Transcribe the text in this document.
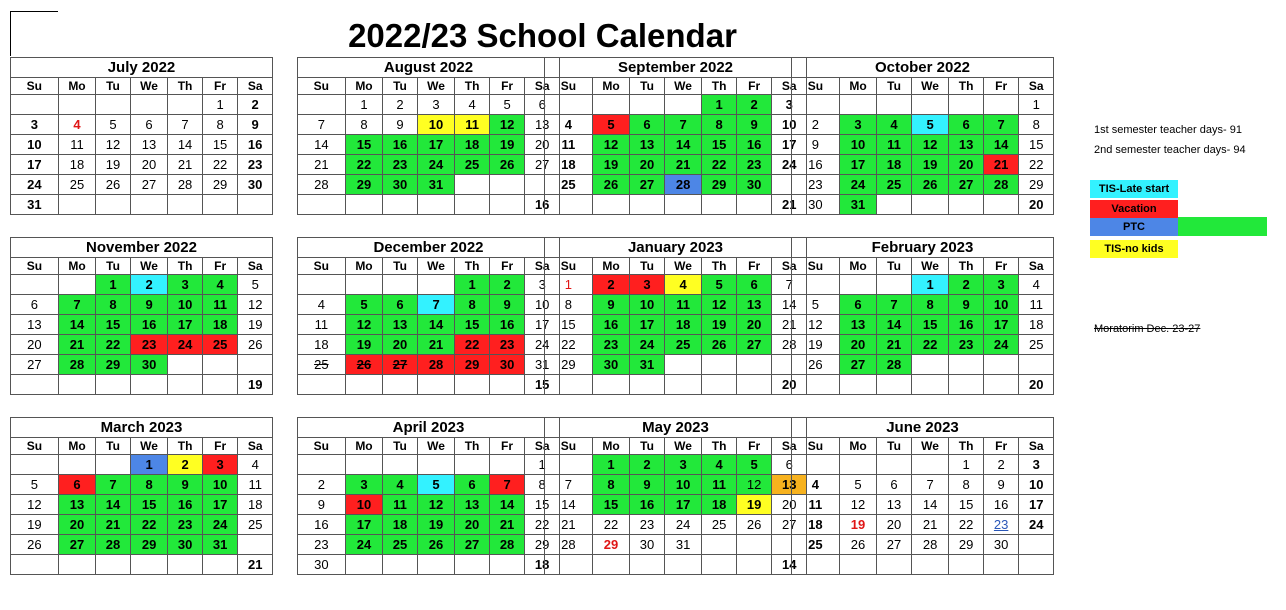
2022/23 School Calendar
July 2022						
Su	Mo	Tu	We	Th	Fr	Sa
					1	2
3	4	5	6	7	8	9
10	11	12	13	14	15	16
17	18	19	20	21	22	23
24	25	26	27	28	29	30
31						
August 2022						
Su	Mo	Tu	We	Th	Fr	Sa
	1	2	3	4	5	6
7	8	9	10	11	12	13
14	15	16	17	18	19	20
21	22	23	24	25	26	27
28	29	30	31			
						16
September 2022						
Su	Mo	Tu	We	Th	Fr	Sa
				1	2	3
4	5	6	7	8	9	10
11	12	13	14	15	16	17
18	19	20	21	22	23	24
25	26	27	28	29	30	
						21
October 2022						
Su	Mo	Tu	We	Th	Fr	Sa
						1
2	3	4	5	6	7	8
9	10	11	12	13	14	15
16	17	18	19	20	21	22
23	24	25	26	27	28	29
30	31					20
November 2022						
Su	Mo	Tu	We	Th	Fr	Sa
		1	2	3	4	5
6	7	8	9	10	11	12
13	14	15	16	17	18	19
20	21	22	23	24	25	26
27	28	29	30			
						19
December 2022						
Su	Mo	Tu	We	Th	Fr	Sa
				1	2	3
4	5	6	7	8	9	10
11	12	13	14	15	16	17
18	19	20	21	22	23	24
25	26	27	28	29	30	31
						15
January 2023						
Su	Mo	Tu	We	Th	Fr	Sa
1	2	3	4	5	6	7
8	9	10	11	12	13	14
15	16	17	18	19	20	21
22	23	24	25	26	27	28
29	30	31				
						20
February 2023						
Su	Mo	Tu	We	Th	Fr	Sa
			1	2	3	4
5	6	7	8	9	10	11
12	13	14	15	16	17	18
19	20	21	22	23	24	25
26	27	28				
						20
March 2023						
Su	Mo	Tu	We	Th	Fr	Sa
			1	2	3	4
5	6	7	8	9	10	11
12	13	14	15	16	17	18
19	20	21	22	23	24	25
26	27	28	29	30	31	
						21
April 2023						
Su	Mo	Tu	We	Th	Fr	Sa
						1
2	3	4	5	6	7	8
9	10	11	12	13	14	15
16	17	18	19	20	21	22
23	24	25	26	27	28	29
30						18
May 2023						
Su	Mo	Tu	We	Th	Fr	Sa
	1	2	3	4	5	6
7	8	9	10	11	12	13
14	15	16	17	18	19	20
21	22	23	24	25	26	27
28	29	30	31			
						14
June 2023						
Su	Mo	Tu	We	Th	Fr	Sa
				1	2	3
4	5	6	7	8	9	10
11	12	13	14	15	16	17
18	19	20	21	22	23	24
25	26	27	28	29	30	

1st semester teacher days- 91
2nd semester teacher days- 94
Moratorim Dec. 23-27
TIS-Late start
Vacation
PTC
TIS-no kids
